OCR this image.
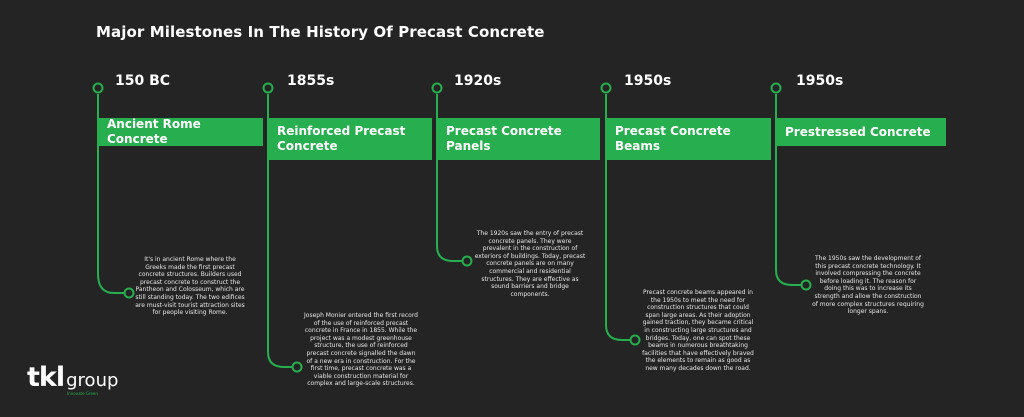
Major Milestones In The History Of Precast Concrete
150 BC
Ancient Rome Concrete
It's in ancient Rome where the Greeks made the first precast concrete structures. Builders used precast concrete to construct the Pantheon and Colosseum, which are still standing today. The two edifices are must-visit tourist attraction sites for people visiting Rome.
1855s
Reinforced Precast Concrete
Joseph Monier entered the first record of the use of reinforced precast concrete in France in 1855. While the project was a modest greenhouse structure, the use of reinforced precast concrete signalled the dawn of a new era in construction. For the first time, precast concrete was a viable construction material for complex and large-scale structures.
1920s
Precast Concrete Panels
The 1920s saw the entry of precast concrete panels. They were prevalent in the construction of exteriors of buildings. Today, precast concrete panels are on many commercial and residential structures. They are effective as sound barriers and bridge components.
1950s
Precast Concrete Beams
Precast concrete beams appeared in the 1950s to meet the need for construction structures that could span large areas. As their adoption gained traction, they became critical in constructing large structures and bridges. Today, one can spot these beams in numerous breathtaking facilities that have effectively braved the elements to remain as good as new many decades down the road.
1950s
Prestressed Concrete
The 1950s saw the development of this precast concrete technology. It involved compressing the concrete before loading it. The reason for doing this was to increase its strength and allow the construction of more complex structures requiring longer spans.
tkl group
Innovate Green
